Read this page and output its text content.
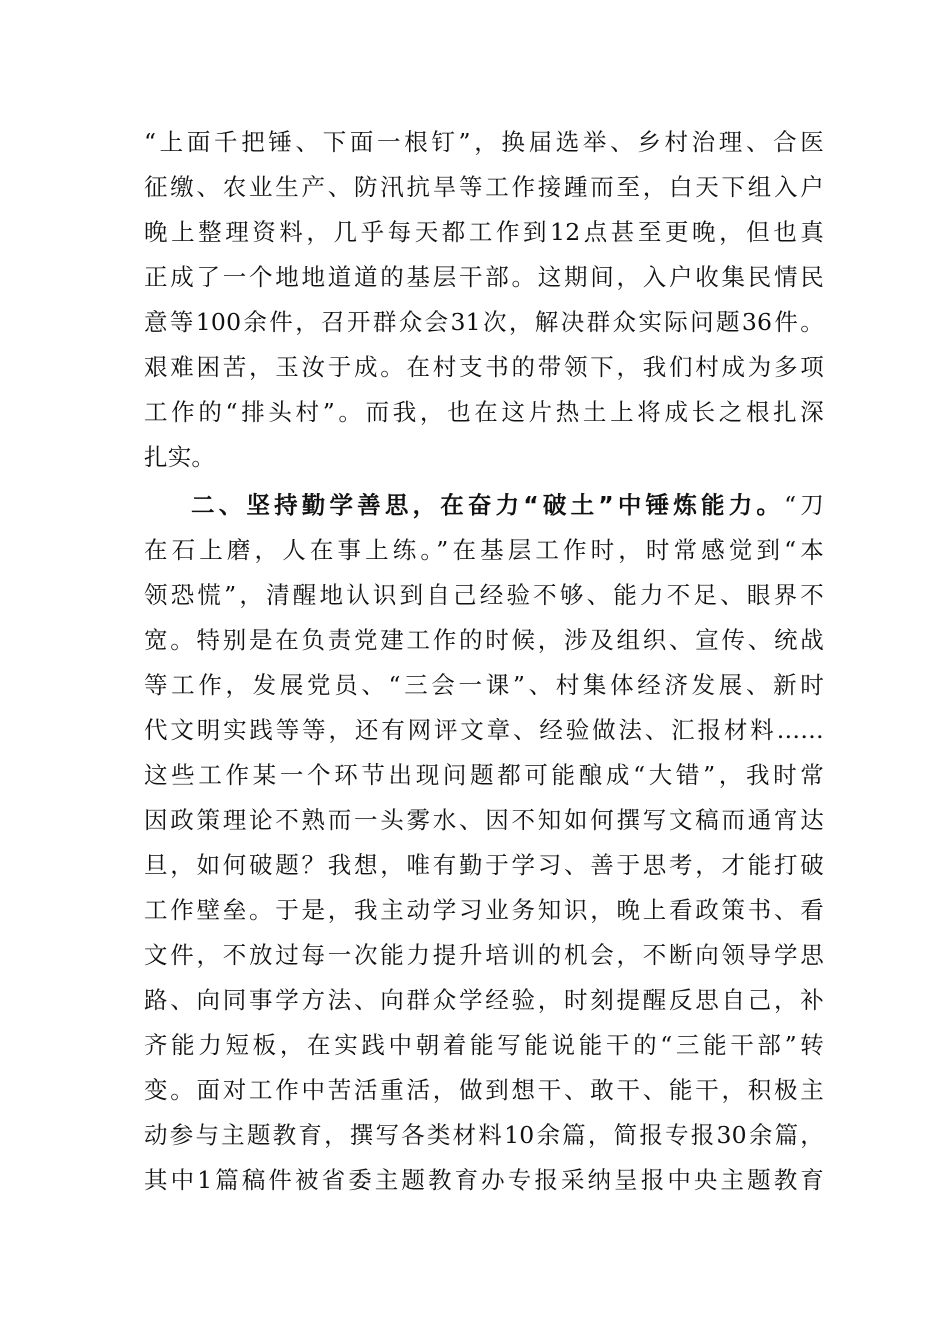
“上面千把锤、下面一根钉”，换届选举、乡村治理、合医
征缴、农业生产、防汛抗旱等工作接踵而至，白天下组入户
晚上整理资料，几乎每天都工作到12点甚至更晚，但也真
正成了一个地地道道的基层干部。这期间，入户收集民情民
意等100余件，召开群众会31次，解决群众实际问题36件。
艰难困苦，玉汝于成。在村支书的带领下，我们村成为多项
工作的“排头村”。而我，也在这片热土上将成长之根扎深
扎实。
二、坚持勤学善思，在奋力“破土”中锤炼能力。“刀
在石上磨，人在事上练。”在基层工作时，时常感觉到“本
领恐慌”，清醒地认识到自己经验不够、能力不足、眼界不
宽。特别是在负责党建工作的时候，涉及组织、宣传、统战
等工作，发展党员、“三会一课”、村集体经济发展、新时
代文明实践等等，还有网评文章、经验做法、汇报材料……
这些工作某一个环节出现问题都可能酿成“大错”，我时常
因政策理论不熟而一头雾水、因不知如何撰写文稿而通宵达
旦，如何破题？我想，唯有勤于学习、善于思考，才能打破
工作壁垒。于是，我主动学习业务知识，晚上看政策书、看
文件，不放过每一次能力提升培训的机会，不断向领导学思
路、向同事学方法、向群众学经验，时刻提醒反思自己，补
齐能力短板，在实践中朝着能写能说能干的“三能干部”转
变。面对工作中苦活重活，做到想干、敢干、能干，积极主
动参与主题教育，撰写各类材料10余篇，简报专报30余篇，
其中1篇稿件被省委主题教育办专报采纳呈报中央主题教育
